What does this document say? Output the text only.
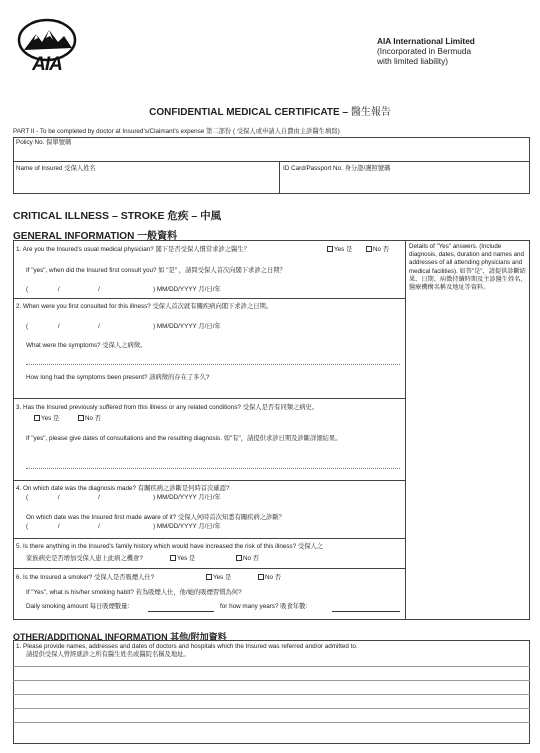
AIA
AIA International Limited
(Incorporated in Bermuda
with limited liability)
CONFIDENTIAL MEDICAL CERTIFICATE – 醫生報告
PART II - To be completed by doctor at Insured's/Claimant's expense 第二部份 ( 受保人或申請人自費由主診醫生填寫)
Policy No. 保單號碼
Name of Insured 受保人姓名	ID Card/Passport No. 身分證/護照號碼
CRITICAL ILLNESS – STROKE 危疾 – 中風
GENERAL INFORMATION 一般資料
Details of "Yes" answers. (Include diagnosis, dates, duration and names and addresses of all attending physicians and medical facilities). 如答"是"，請提供診斷結果、日期、病徵持續時期及主診醫生姓名、醫療機構名稱及地址等資料。
1. Are you the Insured's usual medical physician? 閣下是否受保人慣常求診之醫生？	Yes 是	No 否
If "yes", when did the Insured first consult you? 如 "是" ，請問受保人首次向閣下求診之日期？
(                 /                      /	) MM/DD/YYYY 月/日/年
2. When were you first consulted for this illness? 受保人首次就有關疾病向閣下求診之日期。
(                 /                      /	) MM/DD/YYYY 月/日/年
What were the symptoms? 受保人之病徵。
How long had the symptoms been present? 該病徵的存在了多久?
3. Has the Insured previously suffered from this illness or any related conditions? 受保人是否有同類之病史。
Yes 是	No 否
If "yes", please give dates of consultations and the resulting diagnosis. 如"有"，請提供求診日期及診斷詳細結果。
4. On which date was the diagnosis made? 有關疾病之診斷是何時首次確認?
(                 /                      /	) MM/DD/YYYY 月/日/年
On which date was the Insured first made aware of it? 受保人何時首次知悉有關疾病之診斷？
(                 /                      /	) MM/DD/YYYY 月/日/年
5. Is there anything in the Insured's family history which would have increased the risk of this illness? 受保人之
家族病史是否增加受保人患上此病之機會?	Yes 是	No 否
6. Is the Insured a smoker? 受保人是否吸煙人仕?	Yes 是	No 否
If "Yes", what is his/her smoking habit? 若為吸煙人仕，他/她的吸煙習慣為何?
Daily smoking amount 每日吸煙數量:	for how many years? 吸食年數:
OTHER/ADDITIONAL INFORMATION 其他/附加資料
1. Please provide names, addresses and dates of doctors and hospitals which the Insured was referred and/or admitted to.
請提供受保人曾經就診之所有醫生姓名或醫院名稱及地址。
